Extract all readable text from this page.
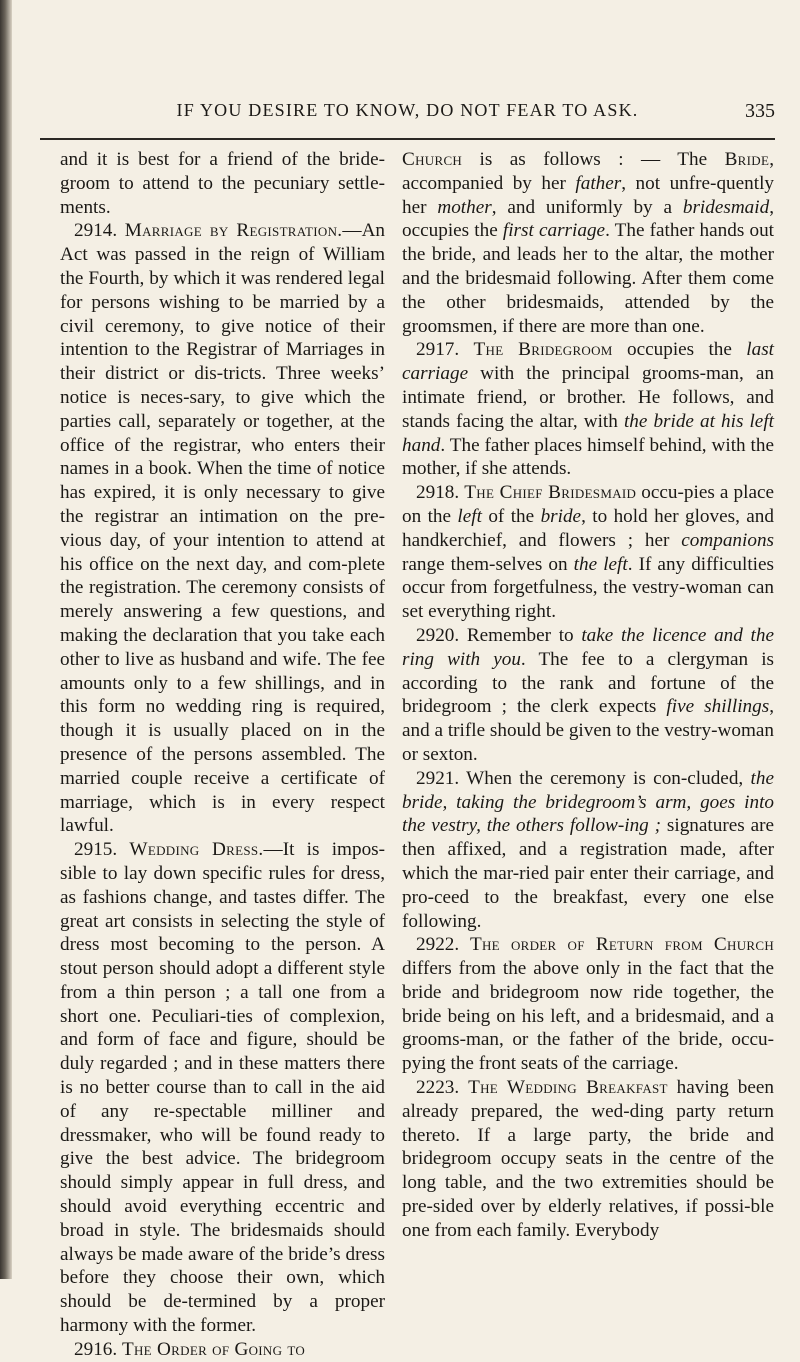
IF YOU DESIRE TO KNOW, DO NOT FEAR TO ASK.	335

and it is best for a friend of the bride-groom to attend to the pecuniary settle-ments.

2914. Marriage by Registration.—An Act was passed in the reign of William the Fourth, by which it was rendered legal for persons wishing to be married by a civil ceremony, to give notice of their intention to the Registrar of Marriages in their district or dis-tricts. Three weeks’ notice is neces-sary, to give which the parties call, separately or together, at the office of the registrar, who enters their names in a book. When the time of notice has expired, it is only necessary to give the registrar an intimation on the pre-vious day, of your intention to attend at his office on the next day, and com-plete the registration. The ceremony consists of merely answering a few questions, and making the declaration that you take each other to live as husband and wife. The fee amounts only to a few shillings, and in this form no wedding ring is required, though it is usually placed on in the presence of the persons assembled. The married couple receive a certificate of marriage, which is in every respect lawful.

2915. Wedding Dress.—It is impos-sible to lay down specific rules for dress, as fashions change, and tastes differ. The great art consists in selecting the style of dress most becoming to the person. A stout person should adopt a different style from a thin person ; a tall one from a short one. Peculiari-ties of complexion, and form of face and figure, should be duly regarded ; and in these matters there is no better course than to call in the aid of any re-spectable milliner and dressmaker, who will be found ready to give the best advice. The bridegroom should simply appear in full dress, and should avoid everything eccentric and broad in style. The bridesmaids should always be made aware of the bride’s dress before they choose their own, which should be de-termined by a proper harmony with the former.

2916. The Order of Going to

Church is as follows : — The Bride, accompanied by her father, not unfre-quently her mother, and uniformly by a bridesmaid, occupies the first carriage. The father hands out the bride, and leads her to the altar, the mother and the bridesmaid following. After them come the other bridesmaids, attended by the groomsmen, if there are more than one.

2917. The Bridegroom occupies the last carriage with the principal grooms-man, an intimate friend, or brother. He follows, and stands facing the altar, with the bride at his left hand. The father places himself behind, with the mother, if she attends.

2918. The Chief Bridesmaid occu-pies a place on the left of the bride, to hold her gloves, and handkerchief, and flowers ; her companions range them-selves on the left. If any difficulties occur from forgetfulness, the vestry-woman can set everything right.

2920. Remember to take the licence and the ring with you. The fee to a clergyman is according to the rank and fortune of the bridegroom ; the clerk expects five shillings, and a trifle should be given to the vestry-woman or sexton.

2921. When the ceremony is con-cluded, the bride, taking the bridegroom’s arm, goes into the vestry, the others follow-ing ; signatures are then affixed, and a registration made, after which the mar-ried pair enter their carriage, and pro-ceed to the breakfast, every one else following.

2922. The order of Return from Church differs from the above only in the fact that the bride and bridegroom now ride together, the bride being on his left, and a bridesmaid, and a grooms-man, or the father of the bride, occu-pying the front seats of the carriage.

2223. The Wedding Breakfast having been already prepared, the wed-ding party return thereto. If a large party, the bride and bridegroom occupy seats in the centre of the long table, and the two extremities should be pre-sided over by elderly relatives, if possi-ble one from each family. Everybody
